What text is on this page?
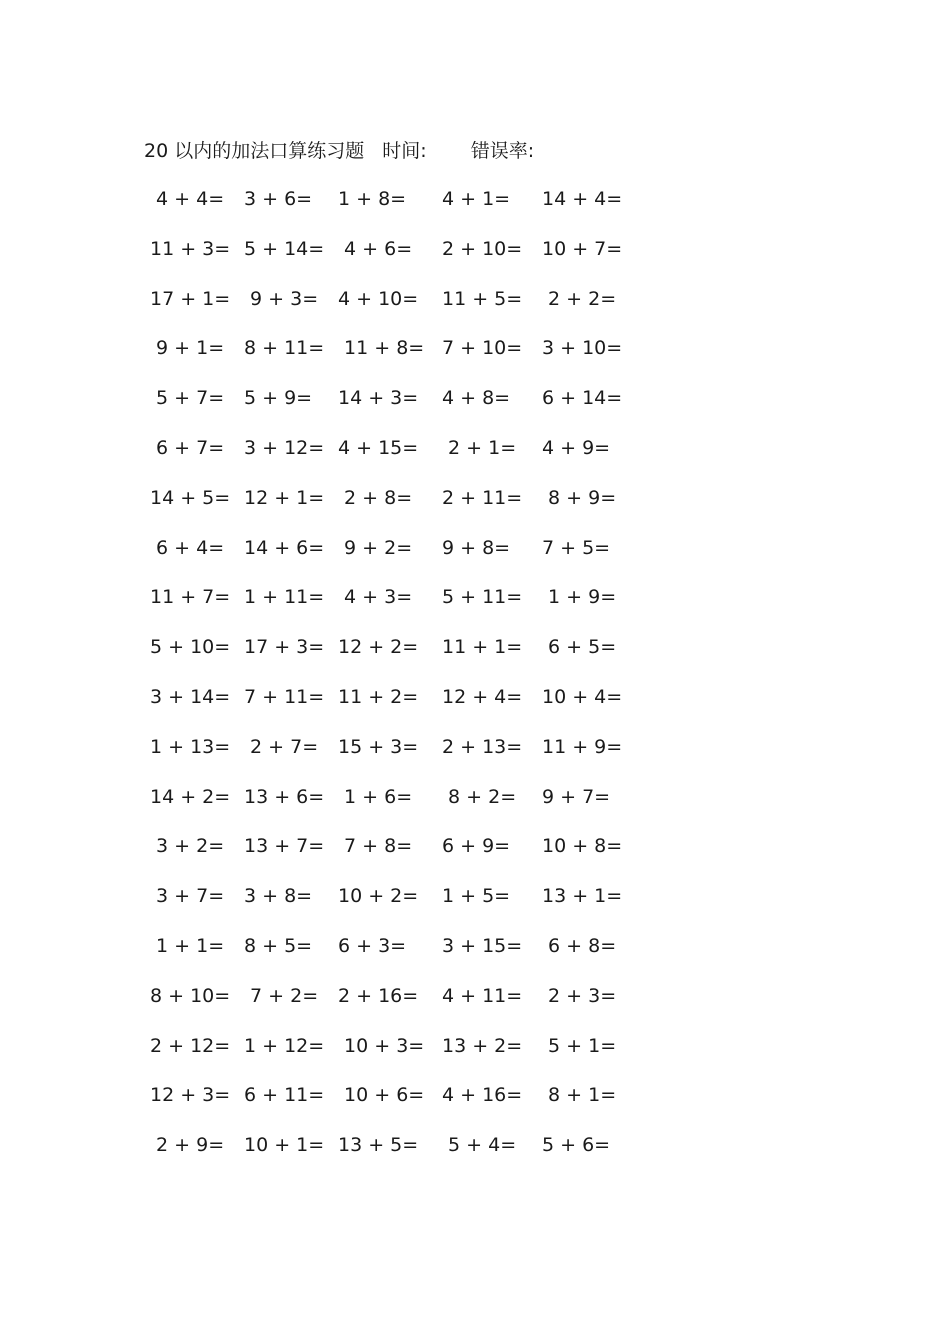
20 以内的加法口算练习题 时间: 错误率:
4 + 4= 3 + 6= 1 + 8= 4 + 1= 14 + 4=
11 + 3= 5 + 14= 4 + 6= 2 + 10= 10 + 7=
17 + 1= 9 + 3= 4 + 10= 11 + 5= 2 + 2=
9 + 1= 8 + 11= 11 + 8= 7 + 10= 3 + 10=
5 + 7= 5 + 9= 14 + 3= 4 + 8= 6 + 14=
6 + 7= 3 + 12= 4 + 15= 2 + 1= 4 + 9=
14 + 5= 12 + 1= 2 + 8= 2 + 11= 8 + 9=
6 + 4= 14 + 6= 9 + 2= 9 + 8= 7 + 5=
11 + 7= 1 + 11= 4 + 3= 5 + 11= 1 + 9=
5 + 10= 17 + 3= 12 + 2= 11 + 1= 6 + 5=
3 + 14= 7 + 11= 11 + 2= 12 + 4= 10 + 4=
1 + 13= 2 + 7= 15 + 3= 2 + 13= 11 + 9=
14 + 2= 13 + 6= 1 + 6= 8 + 2= 9 + 7=
3 + 2= 13 + 7= 7 + 8= 6 + 9= 10 + 8=
3 + 7= 3 + 8= 10 + 2= 1 + 5= 13 + 1=
1 + 1= 8 + 5= 6 + 3= 3 + 15= 6 + 8=
8 + 10= 7 + 2= 2 + 16= 4 + 11= 2 + 3=
2 + 12= 1 + 12= 10 + 3= 13 + 2= 5 + 1=
12 + 3= 6 + 11= 10 + 6= 4 + 16= 8 + 1=
2 + 9= 10 + 1= 13 + 5= 5 + 4= 5 + 6=
